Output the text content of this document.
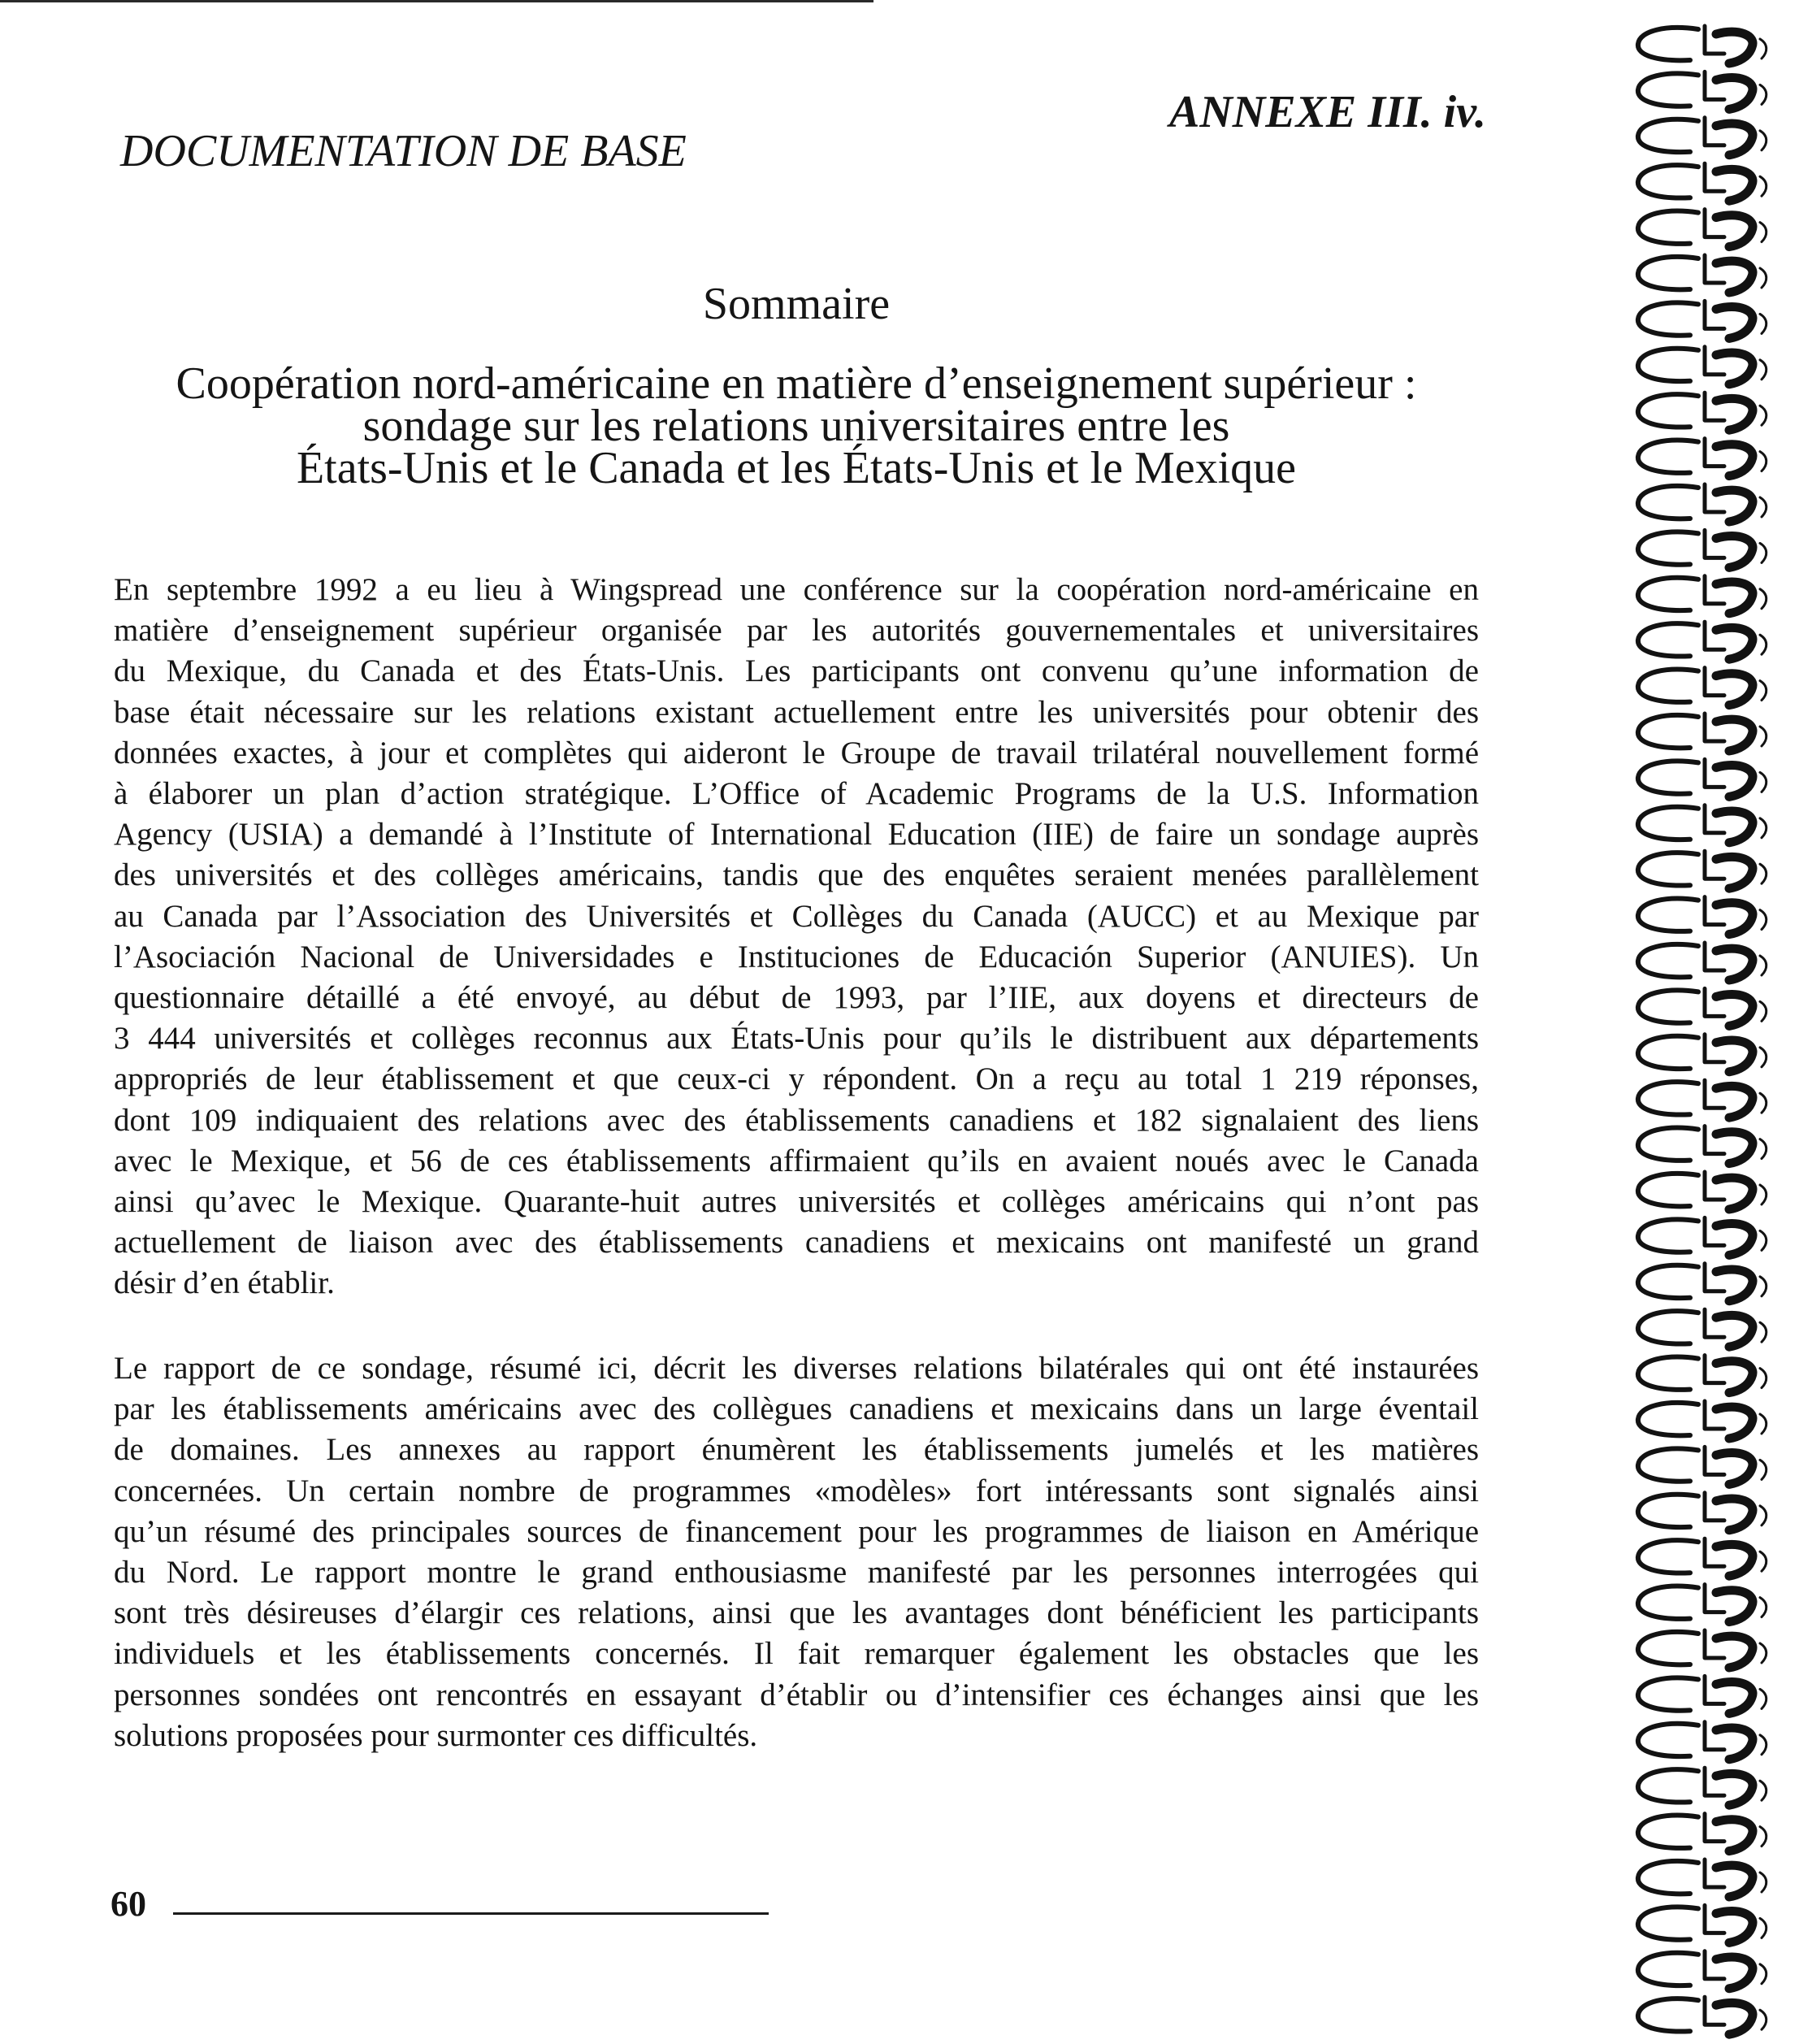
ANNEXE III. iv.
DOCUMENTATION DE BASE
Sommaire
Coopération nord-américaine en matière d’enseignement supérieur :
sondage sur les relations universitaires entre les
États-Unis et le Canada et les États-Unis et le Mexique
En septembre 1992 a eu lieu à Wingspread une conférence sur la coopération nord-américaine en
matière d’enseignement supérieur organisée par les autorités gouvernementales et universitaires
du Mexique, du Canada et des États-Unis. Les participants ont convenu qu’une information de
base était nécessaire sur les relations existant actuellement entre les universités pour obtenir des
données exactes, à jour et complètes qui aideront le Groupe de travail trilatéral nouvellement formé
à élaborer un plan d’action stratégique. L’Office of Academic Programs de la U.S. Information
Agency (USIA) a demandé à l’Institute of International Education (IIE) de faire un sondage auprès
des universités et des collèges américains, tandis que des enquêtes seraient menées parallèlement
au Canada par l’Association des Universités et Collèges du Canada (AUCC) et au Mexique par
l’Asociación Nacional de Universidades e Instituciones de Educación Superior (ANUIES). Un
questionnaire détaillé a été envoyé, au début de 1993, par l’IIE, aux doyens et directeurs de
3 444 universités et collèges reconnus aux États-Unis pour qu’ils le distribuent aux départements
appropriés de leur établissement et que ceux-ci y répondent. On a reçu au total 1 219 réponses,
dont 109 indiquaient des relations avec des établissements canadiens et 182 signalaient des liens
avec le Mexique, et 56 de ces établissements affirmaient qu’ils en avaient noués avec le Canada
ainsi qu’avec le Mexique. Quarante-huit autres universités et collèges américains qui n’ont pas
actuellement de liaison avec des établissements canadiens et mexicains ont manifesté un grand
désir d’en établir.
Le rapport de ce sondage, résumé ici, décrit les diverses relations bilatérales qui ont été instaurées
par les établissements américains avec des collègues canadiens et mexicains dans un large éventail
de domaines. Les annexes au rapport énumèrent les établissements jumelés et les matières
concernées. Un certain nombre de programmes «modèles» fort intéressants sont signalés ainsi
qu’un résumé des principales sources de financement pour les programmes de liaison en Amérique
du Nord. Le rapport montre le grand enthousiasme manifesté par les personnes interrogées qui
sont très désireuses d’élargir ces relations, ainsi que les avantages dont bénéficient les participants
individuels et les établissements concernés. Il fait remarquer également les obstacles que les
personnes sondées ont rencontrés en essayant d’établir ou d’intensifier ces échanges ainsi que les
solutions proposées pour surmonter ces difficultés.
60
